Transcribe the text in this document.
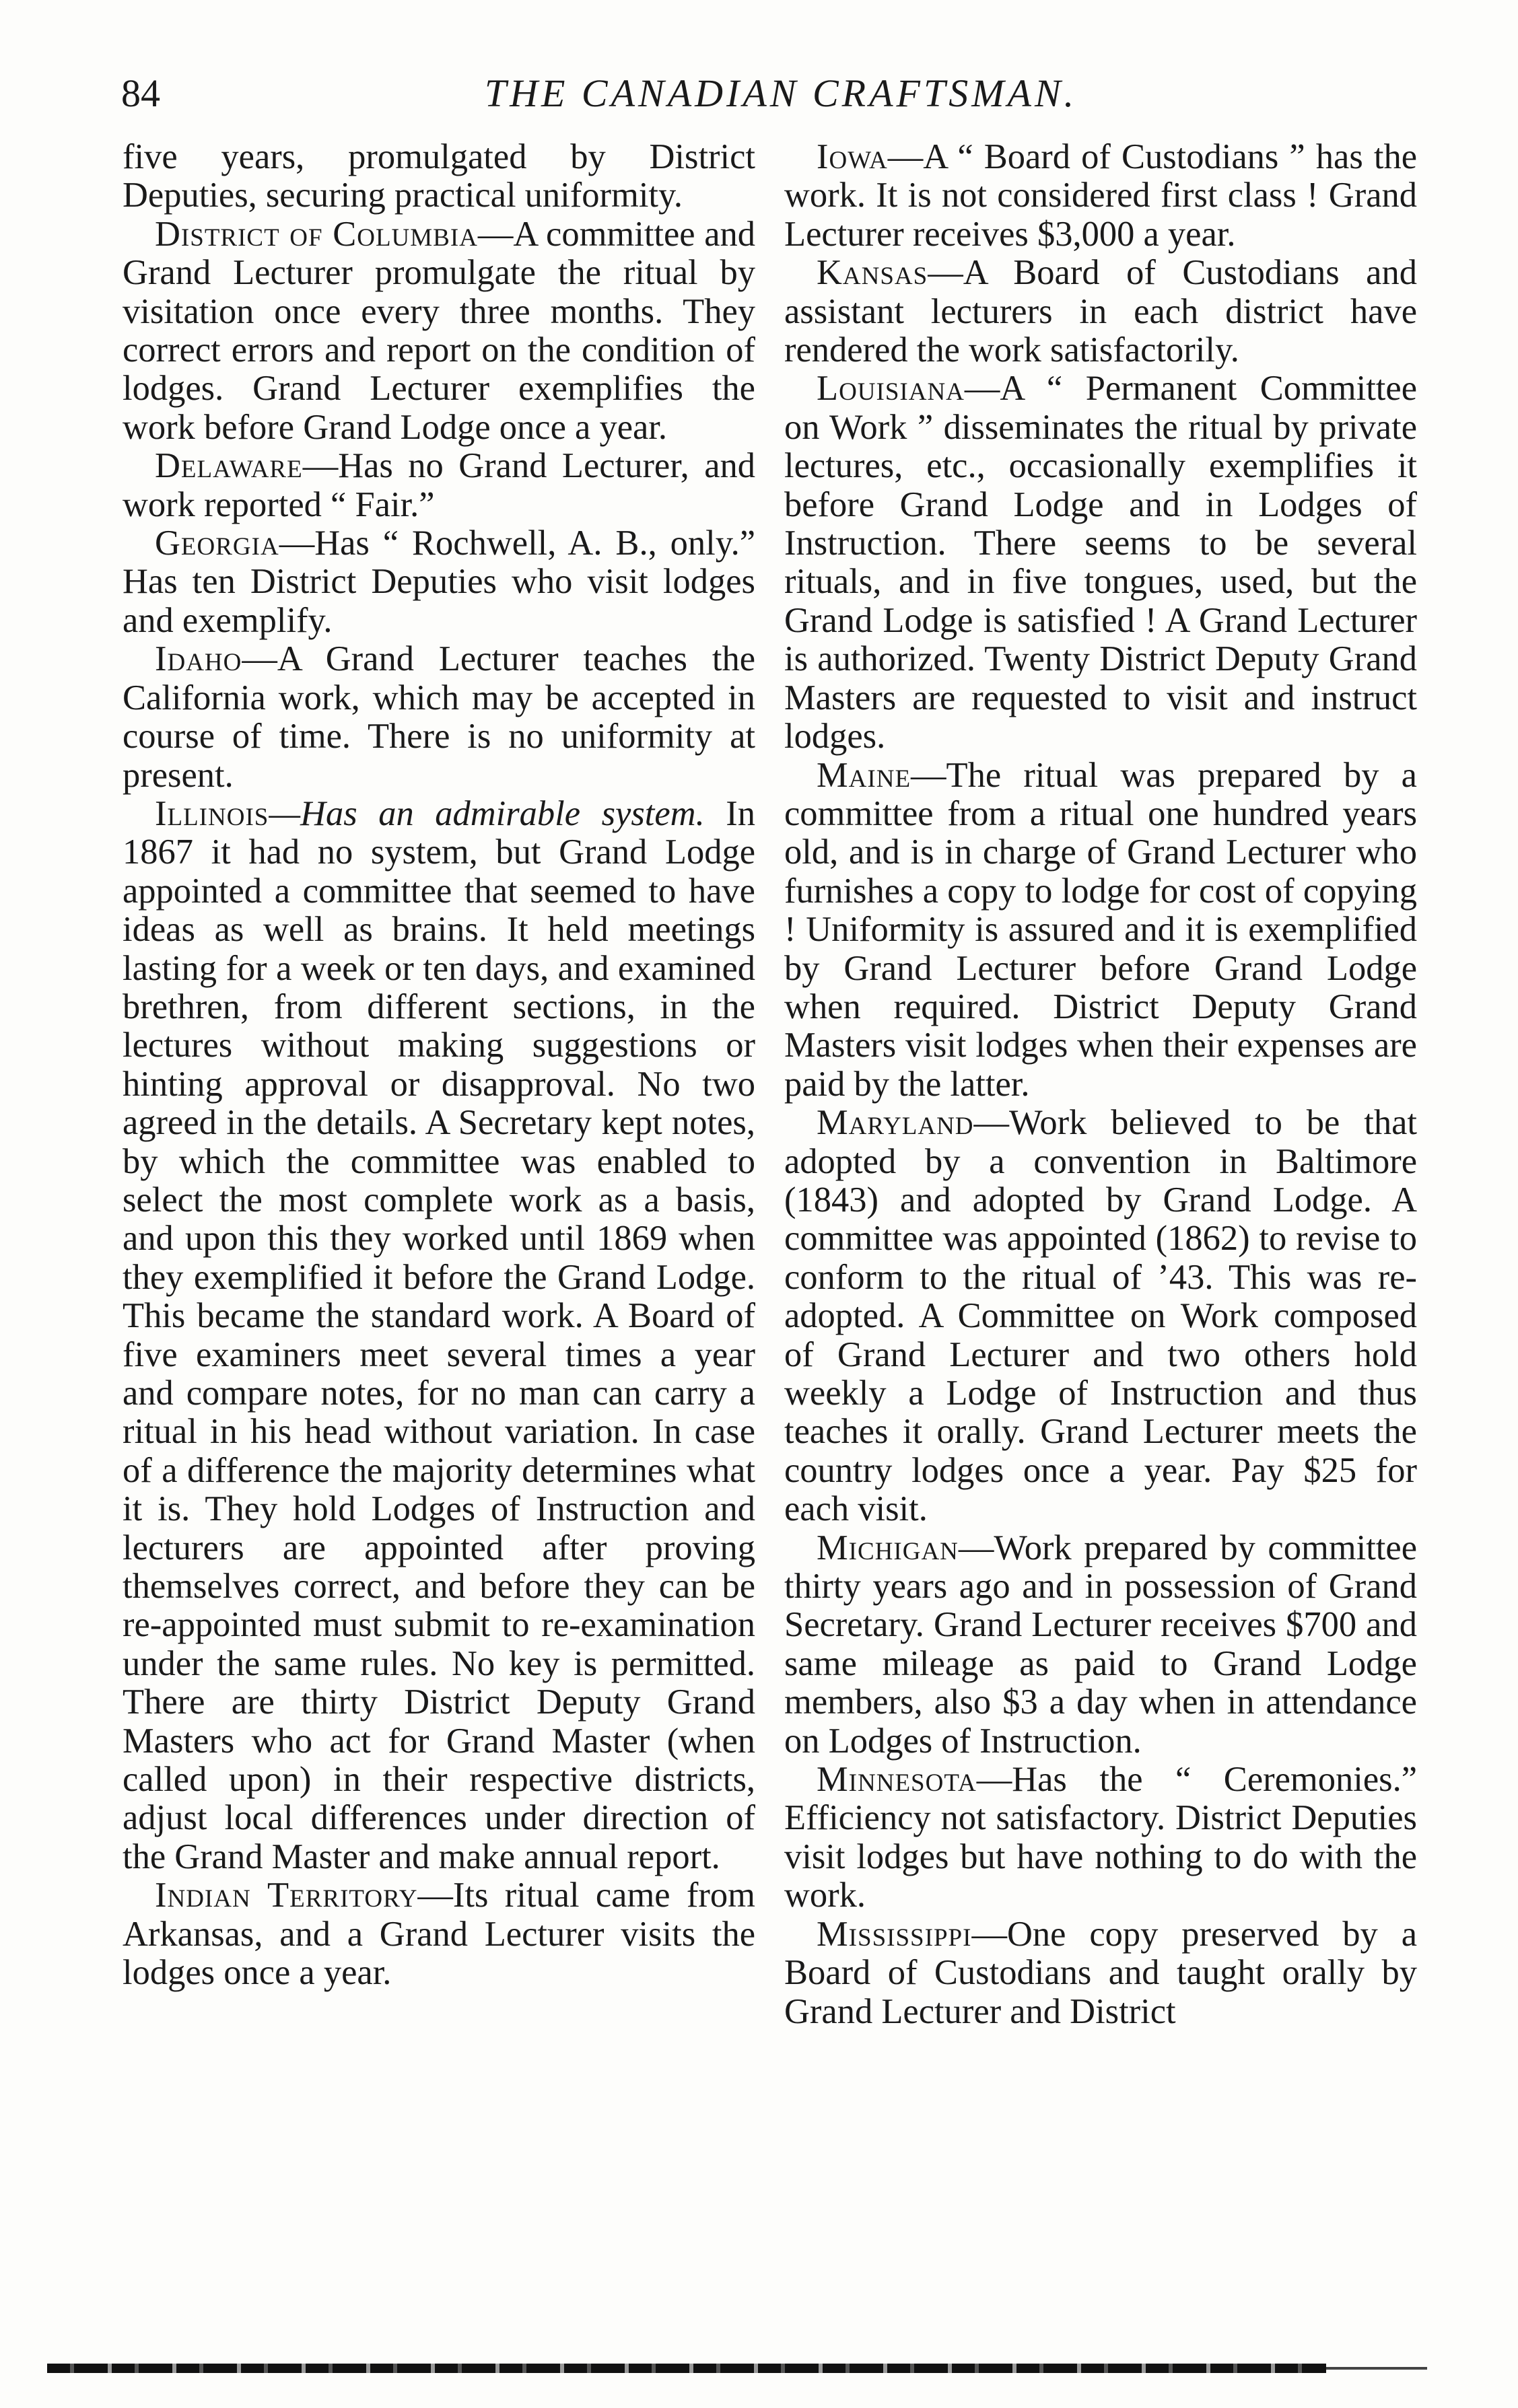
84	THE CANADIAN CRAFTSMAN.

five years, promulgated by District Deputies, securing practical uniformity.

District of Columbia—A committee and Grand Lecturer promulgate the ritual by visitation once every three months. They correct errors and report on the condition of lodges. Grand Lecturer exemplifies the work before Grand Lodge once a year.

Delaware—Has no Grand Lecturer, and work reported “ Fair.”

Georgia—Has “ Rochwell, A. B., only.” Has ten District Deputies who visit lodges and exemplify.

Idaho—A Grand Lecturer teaches the California work, which may be accepted in course of time. There is no uniformity at present.

Illinois—Has an admirable system. In 1867 it had no system, but Grand Lodge appointed a committee that seemed to have ideas as well as brains. It held meetings lasting for a week or ten days, and examined brethren, from different sections, in the lectures without making suggestions or hinting approval or disapproval. No two agreed in the details. A Secretary kept notes, by which the committee was enabled to select the most complete work as a basis, and upon this they worked until 1869 when they exemplified it before the Grand Lodge. This became the standard work. A Board of five examiners meet several times a year and compare notes, for no man can carry a ritual in his head without variation. In case of a difference the majority determines what it is. They hold Lodges of Instruction and lecturers are appointed after proving themselves correct, and before they can be re-appointed must submit to re-examination under the same rules. No key is permitted. There are thirty District Deputy Grand Masters who act for Grand Master (when called upon) in their respective districts, adjust local differences under direction of the Grand Master and make annual report.

Indian Territory—Its ritual came from Arkansas, and a Grand Lecturer visits the lodges once a year.

Iowa—A “ Board of Custodians ” has the work. It is not considered first class ! Grand Lecturer receives $3,000 a year.

Kansas—A Board of Custodians and assistant lecturers in each district have rendered the work satisfactorily.

Louisiana—A “ Permanent Committee on Work ” disseminates the ritual by private lectures, etc., occasionally exemplifies it before Grand Lodge and in Lodges of Instruction. There seems to be several rituals, and in five tongues, used, but the Grand Lodge is satisfied ! A Grand Lecturer is authorized. Twenty District Deputy Grand Masters are requested to visit and instruct lodges.

Maine—The ritual was prepared by a committee from a ritual one hundred years old, and is in charge of Grand Lecturer who furnishes a copy to lodge for cost of copying ! Uniformity is assured and it is exemplified by Grand Lecturer before Grand Lodge when required. District Deputy Grand Masters visit lodges when their expenses are paid by the latter.

Maryland—Work believed to be that adopted by a convention in Baltimore (1843) and adopted by Grand Lodge. A committee was appointed (1862) to revise to conform to the ritual of ’43. This was re-adopted. A Committee on Work composed of Grand Lecturer and two others hold weekly a Lodge of Instruction and thus teaches it orally. Grand Lecturer meets the country lodges once a year. Pay $25 for each visit.

Michigan—Work prepared by committee thirty years ago and in possession of Grand Secretary. Grand Lecturer receives $700 and same mileage as paid to Grand Lodge members, also $3 a day when in attendance on Lodges of Instruction.

Minnesota—Has the “ Ceremonies.” Efficiency not satisfactory. District Deputies visit lodges but have nothing to do with the work.

Mississippi—One copy preserved by a Board of Custodians and taught orally by Grand Lecturer and District
